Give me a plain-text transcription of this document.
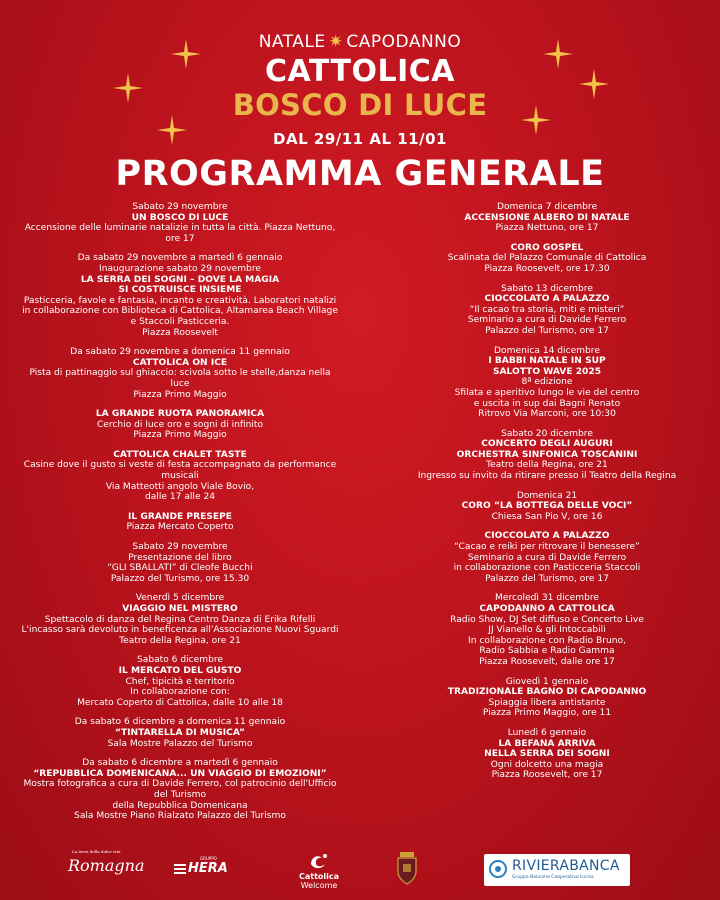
NATALE ✷ CAPODANNO
CATTOLICA
BOSCO DI LUCE
DAL 29/11 AL 11/01
PROGRAMMA GENERALE
Sabato 29 novembre
UN BOSCO DI LUCE
Accensione delle luminarie natalizie in tutta la città. Piazza Nettuno, ore 17
Da sabato 29 novembre a martedì 6 gennaio
Inaugurazione sabato 29 novembre
LA SERRA DEI SOGNI – DOVE LA MAGIA
SI COSTRUISCE INSIEME
Pasticceria, favole e fantasia, incanto e creatività. Laboratori natalizi in collaborazione con Biblioteca di Cattolica, Altamarea Beach Village e Staccoli Pasticceria.
Piazza Roosevelt
Da sabato 29 novembre a domenica 11 gennaio
CATTOLICA ON ICE
Pista di pattinaggio sul ghiaccio: scivola sotto le stelle,danza nella luce
Piazza Primo Maggio
LA GRANDE RUOTA PANORAMICA
Cerchio di luce oro e sogni di infinito
Piazza Primo Maggio
CATTOLICA CHALET TASTE
Casine dove il gusto si veste di festa accompagnato da performance musicali
Via Matteotti angolo Viale Bovio,
dalle 17 alle 24
IL GRANDE PRESEPE
Piazza Mercato Coperto
Sabato 29 novembre
Presentazione del libro
“GLI SBALLATI” di Cleofe Bucchi
Palazzo del Turismo, ore 15.30
Venerdì 5 dicembre
VIAGGIO NEL MISTERO
Spettacolo di danza del Regina Centro Danza di Erika Rifelli
L'incasso sarà devoluto in beneficenza all'Associazione Nuovi Sguardi
Teatro della Regina, ore 21
Sabato 6 dicembre
IL MERCATO DEL GUSTO
Chef, tipicità e territorio
In collaborazione con:
Mercato Coperto di Cattolica, dalle 10 alle 18
Da sabato 6 dicembre a domenica 11 gennaio
“TINTARELLA DI MUSICA”
Sala Mostre Palazzo del Turismo
Da sabato 6 dicembre a martedì 6 gennaio
“REPUBBLICA DOMENICANA... UN VIAGGIO DI EMOZIONI”
Mostra fotografica a cura di Davide Ferrero, col patrocinio dell'Ufficio del Turismo
della Repubblica Domenicana
Sala Mostre Piano Rialzato Palazzo del Turismo
Domenica 7 dicembre
ACCENSIONE ALBERO DI NATALE
Piazza Nettuno, ore 17
CORO GOSPEL
Scalinata del Palazzo Comunale di Cattolica
Piazza Roosevelt, ore 17.30
Sabato 13 dicembre
CIOCCOLATO A PALAZZO
“Il cacao tra storia, miti e misteri”
Seminario a cura di Davide Ferrero
Palazzo del Turismo, ore 17
Domenica 14 dicembre
I BABBI NATALE IN SUP
SALOTTO WAVE 2025
8ª edizione
Sfilata e aperitivo lungo le vie del centro
e uscita in sup dai Bagni Renato
Ritrovo Via Marconi, ore 10:30
Sabato 20 dicembre
CONCERTO DEGLI AUGURI
ORCHESTRA SINFONICA TOSCANINI
Teatro della Regina, ore 21
Ingresso su invito da ritirare presso il Teatro della Regina
Domenica 21
CORO “LA BOTTEGA DELLE VOCI”
Chiesa San Pio V, ore 16
CIOCCOLATO A PALAZZO
“Cacao e reiki per ritrovare il benessere”
Seminario a cura di Davide Ferrero
in collaborazione con Pasticceria Staccoli
Palazzo del Turismo, ore 17
Mercoledì 31 dicembre
CAPODANNO A CATTOLICA
Radio Show, DJ Set diffuso e Concerto Live
JJ Vianello & gli Intoccabili
In collaborazione con Radio Bruno,
Radio Sabbia e Radio Gamma
Piazza Roosevelt, dalle ore 17
Giovedì 1 gennaio
TRADIZIONALE BAGNO DI CAPODANNO
Spiaggia libera antistante
Piazza Primo Maggio, ore 11
Lunedì 6 gennaio
LA BEFANA ARRIVA
NELLA SERRA DEI SOGNI
Ogni dolcetto una magia
Piazza Roosevelt, ore 17
La terra della dolce vita
Romagna	GRUPPO
HERA
Cattolica
Welcome
RIVIERABANCA
Gruppo Bancario Cooperativo Iccrea
